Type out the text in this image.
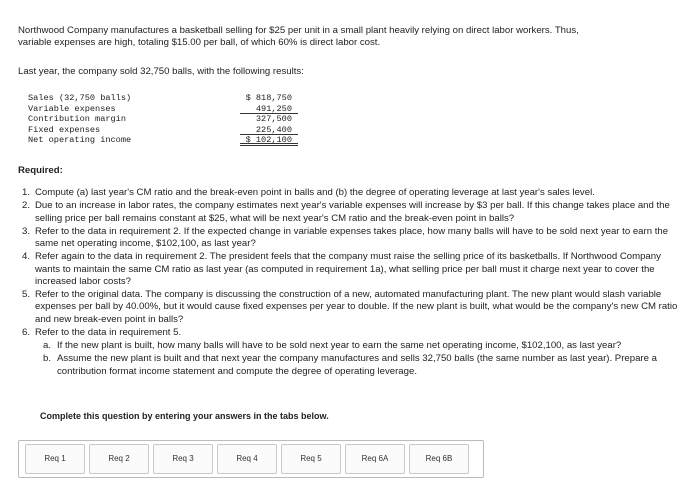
Northwood Company manufactures a basketball selling for $25 per unit in a small plant heavily relying on direct labor workers. Thus,
variable expenses are high, totaling $15.00 per ball, of which 60% is direct labor cost.
Last year, the company sold 32,750 balls, with the following results:
Sales (32,750 balls)	$ 818,750
Variable expenses	491,250
Contribution margin	327,500
Fixed expenses	225,400
Net operating income	$ 102,100
Required:
1. Compute (a) last year's CM ratio and the break-even point in balls and (b) the degree of operating leverage at last year's sales level.
2. Due to an increase in labor rates, the company estimates next year's variable expenses will increase by $3 per ball. If this change takes place and the selling price per ball remains constant at $25, what will be next year's CM ratio and the break-even point in balls?
3. Refer to the data in requirement 2. If the expected change in variable expenses takes place, how many balls will have to be sold next year to earn the same net operating income, $102,100, as last year?
4. Refer again to the data in requirement 2. The president feels that the company must raise the selling price of its basketballs. If Northwood Company wants to maintain the same CM ratio as last year (as computed in requirement 1a), what selling price per ball must it charge next year to cover the increased labor costs?
5. Refer to the original data. The company is discussing the construction of a new, automated manufacturing plant. The new plant would slash variable expenses per ball by 40.00%, but it would cause fixed expenses per year to double. If the new plant is built, what would be the company's new CM ratio and new break-even point in balls?
6. Refer to the data in requirement 5.
a. If the new plant is built, how many balls will have to be sold next year to earn the same net operating income, $102,100, as last year?
b. Assume the new plant is built and that next year the company manufactures and sells 32,750 balls (the same number as last year). Prepare a contribution format income statement and compute the degree of operating leverage.
Complete this question by entering your answers in the tabs below.
Req 1	Req 2	Req 3	Req 4	Req 5	Req 6A	Req 6B
